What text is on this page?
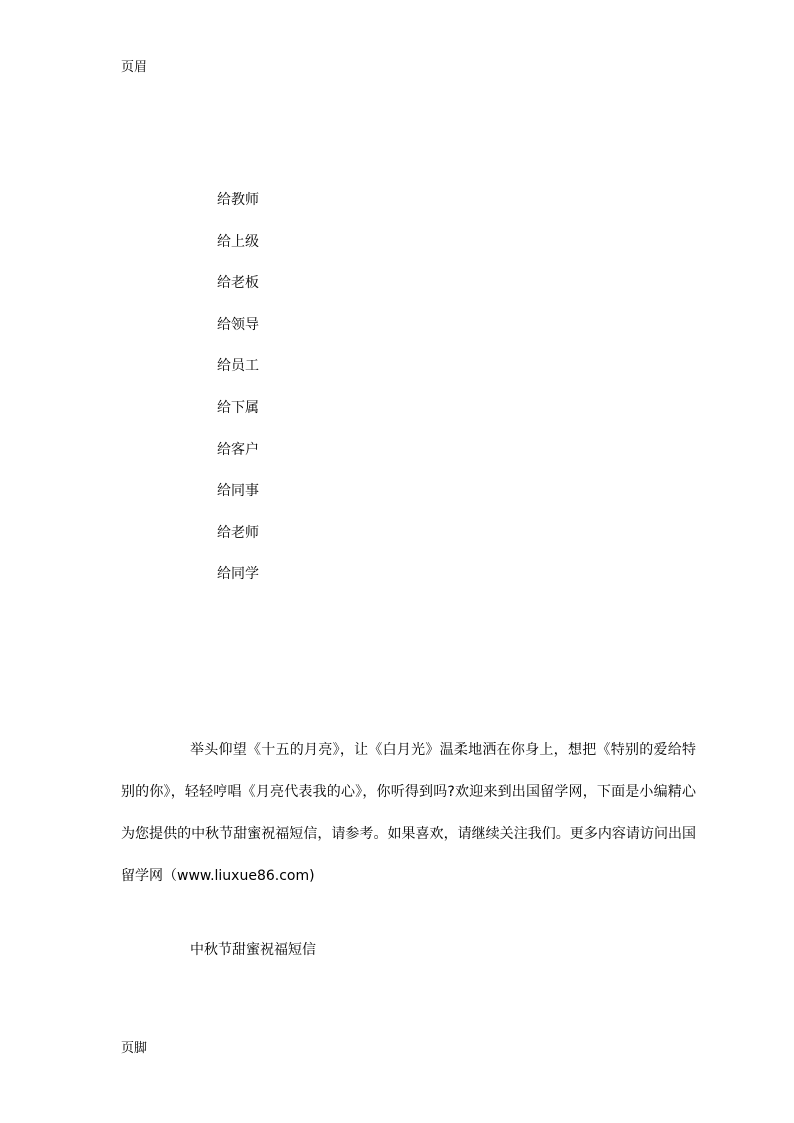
页眉
给教师
给上级
给老板
给领导
给员工
给下属
给客户
给同事
给老师
给同学

举头仰望《十五的月亮》，让《白月光》温柔地洒在你身上，想把《特别的爱给特别的你》，轻轻哼唱《月亮代表我的心》，你听得到吗?欢迎来到出国留学网，下面是小编精心为您提供的中秋节甜蜜祝福短信，请参考。如果喜欢，请继续关注我们。更多内容请访问出国留学网（www.liuxue86.com)

中秋节甜蜜祝福短信
页脚
